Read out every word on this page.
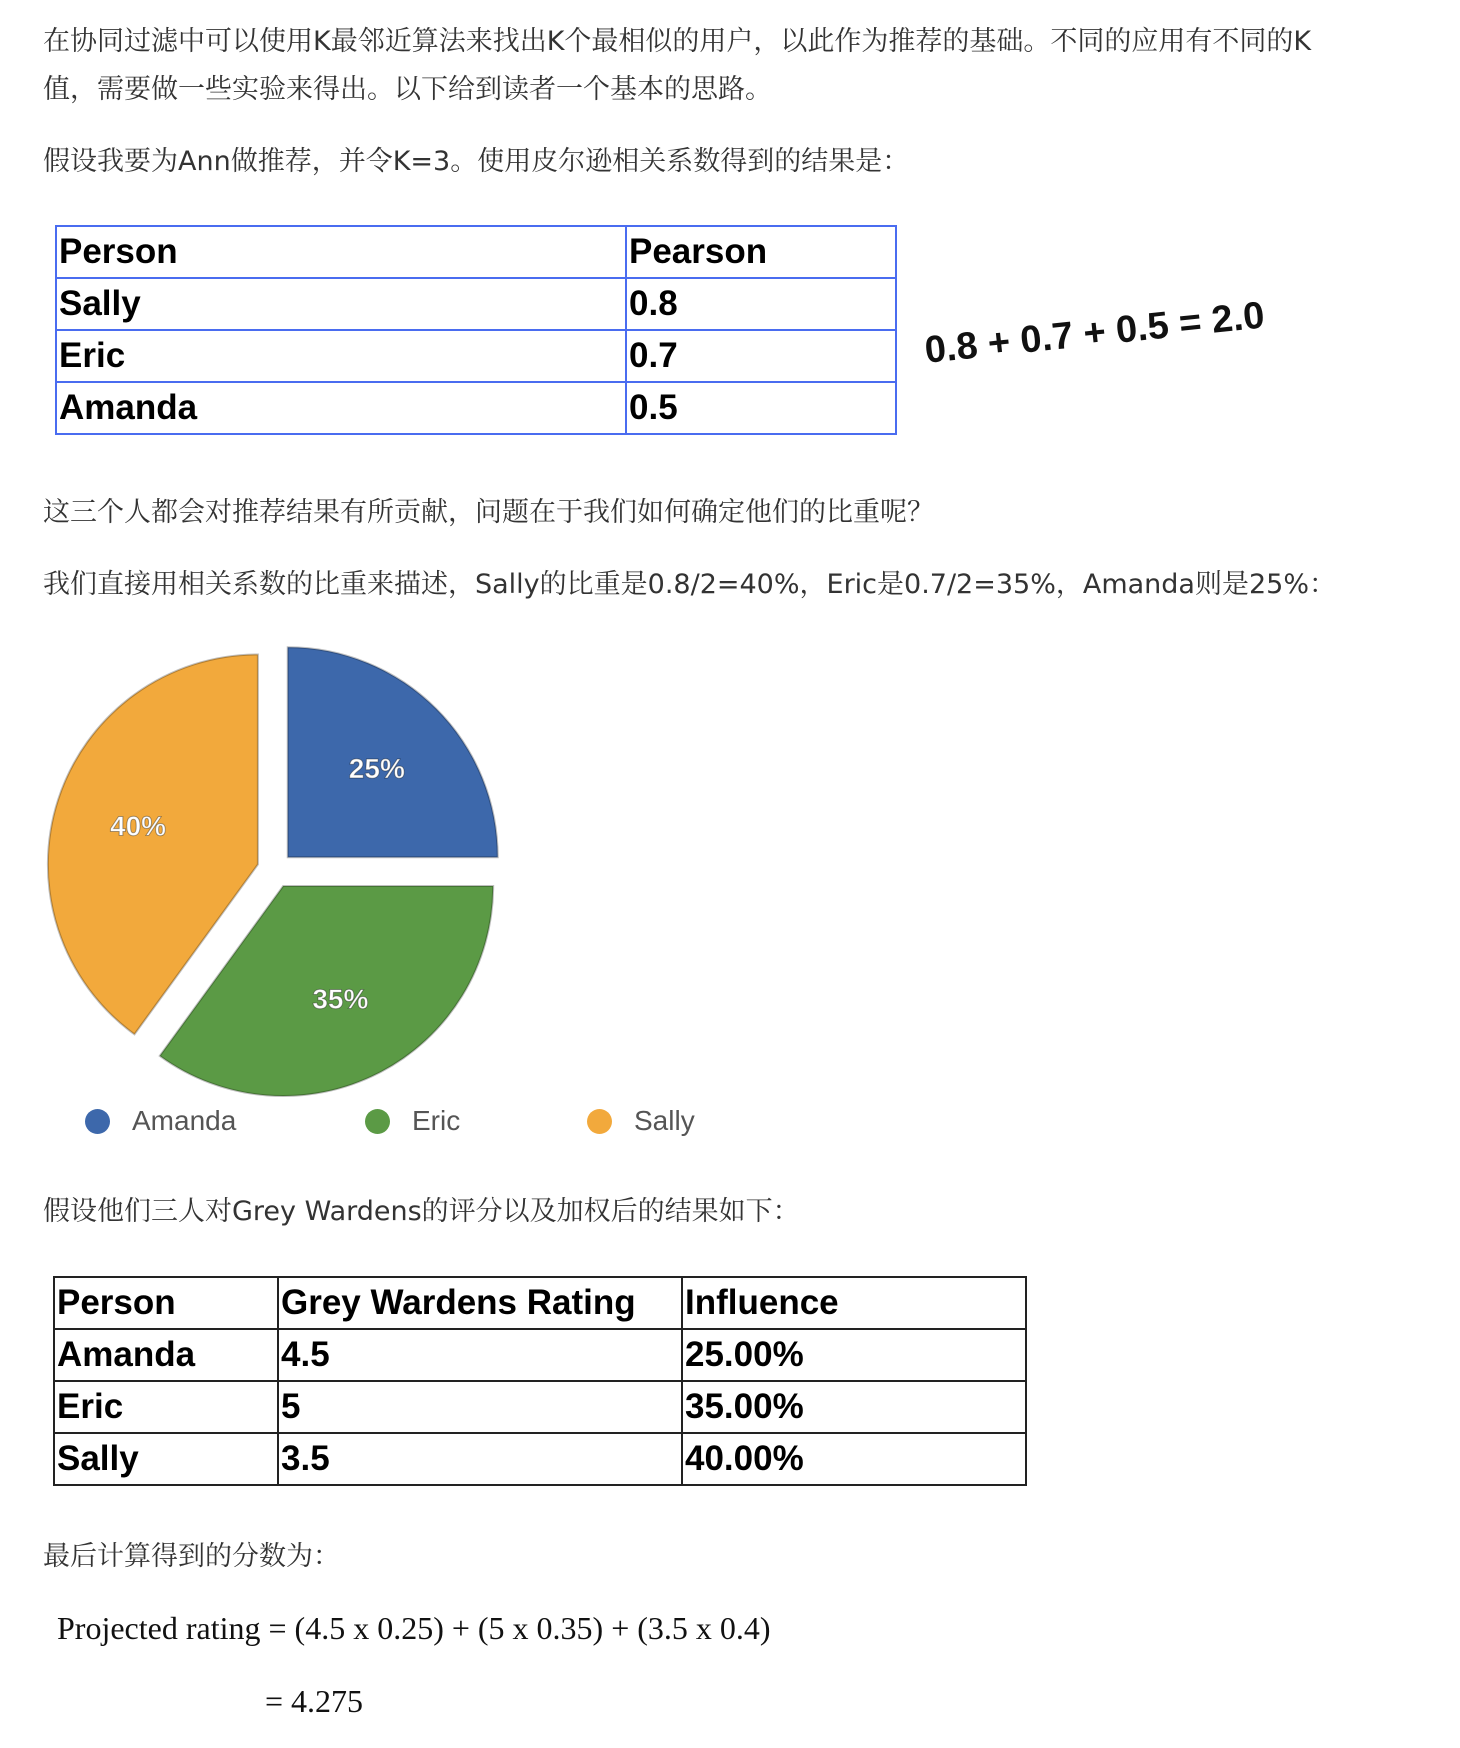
在协同过滤中可以使用K最邻近算法来找出K个最相似的用户，以此作为推荐的基础。不同的应用有不同的K

值，需要做一些实验来得出。以下给到读者一个基本的思路。

假设我要为Ann做推荐，并令K=3。使用皮尔逊相关系数得到的结果是：

Person	Pearson
Sally	0.8
Eric	0.7
Amanda	0.5
0.8 + 0.7 + 0.5 = 2.0

这三个人都会对推荐结果有所贡献，问题在于我们如何确定他们的比重呢？

我们直接用相关系数的比重来描述，Sally的比重是0.8/2=40%，Eric是0.7/2=35%，Amanda则是25%：

25%
35%
40%
Amanda	Eric	Sally

假设他们三人对Grey Wardens的评分以及加权后的结果如下：

Person	Grey Wardens Rating	Influence
Amanda	4.5	25.00%
Eric	5	35.00%
Sally	3.5	40.00%

最后计算得到的分数为：

Projected rating = (4.5 x 0.25) + (5 x 0.35) + (3.5 x 0.4)
= 4.275
